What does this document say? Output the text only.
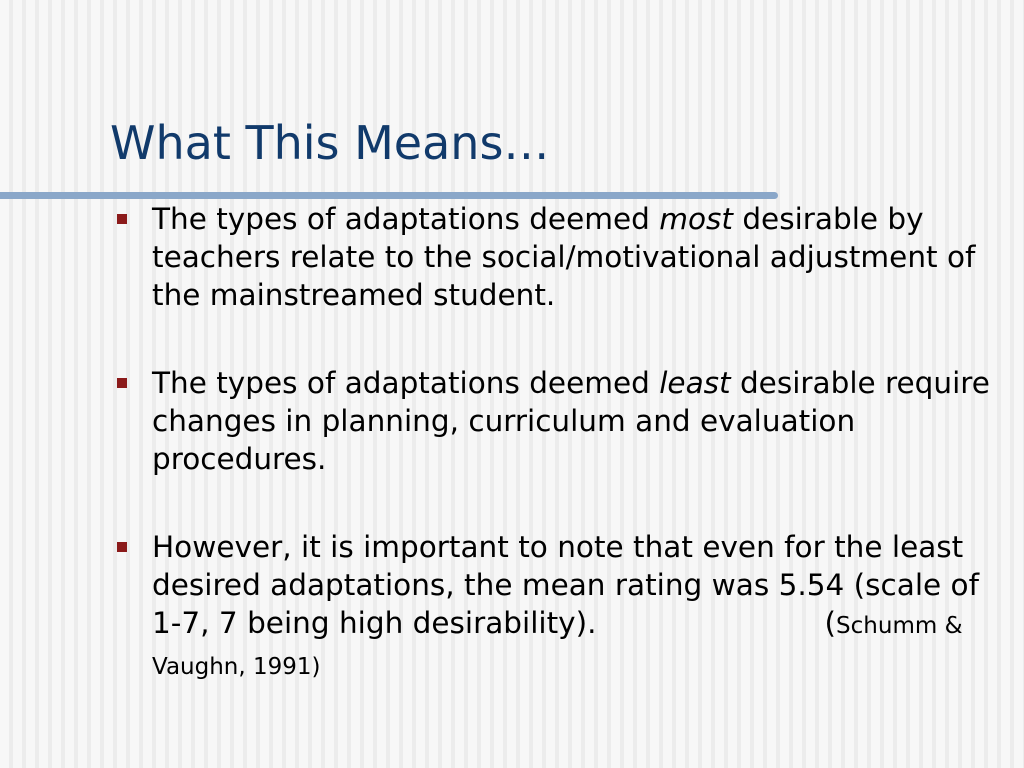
What This Means…
The types of adaptations deemed most desirable by teachers relate to the social/motivational adjustment of the mainstreamed student.
The types of adaptations deemed least desirable require changes in planning, curriculum and evaluation procedures.
However, it is important to note that even for the least desired adaptations, the mean rating was 5.54 (scale of 1-7, 7 being high desirability).	(Schumm & Vaughn, 1991)
